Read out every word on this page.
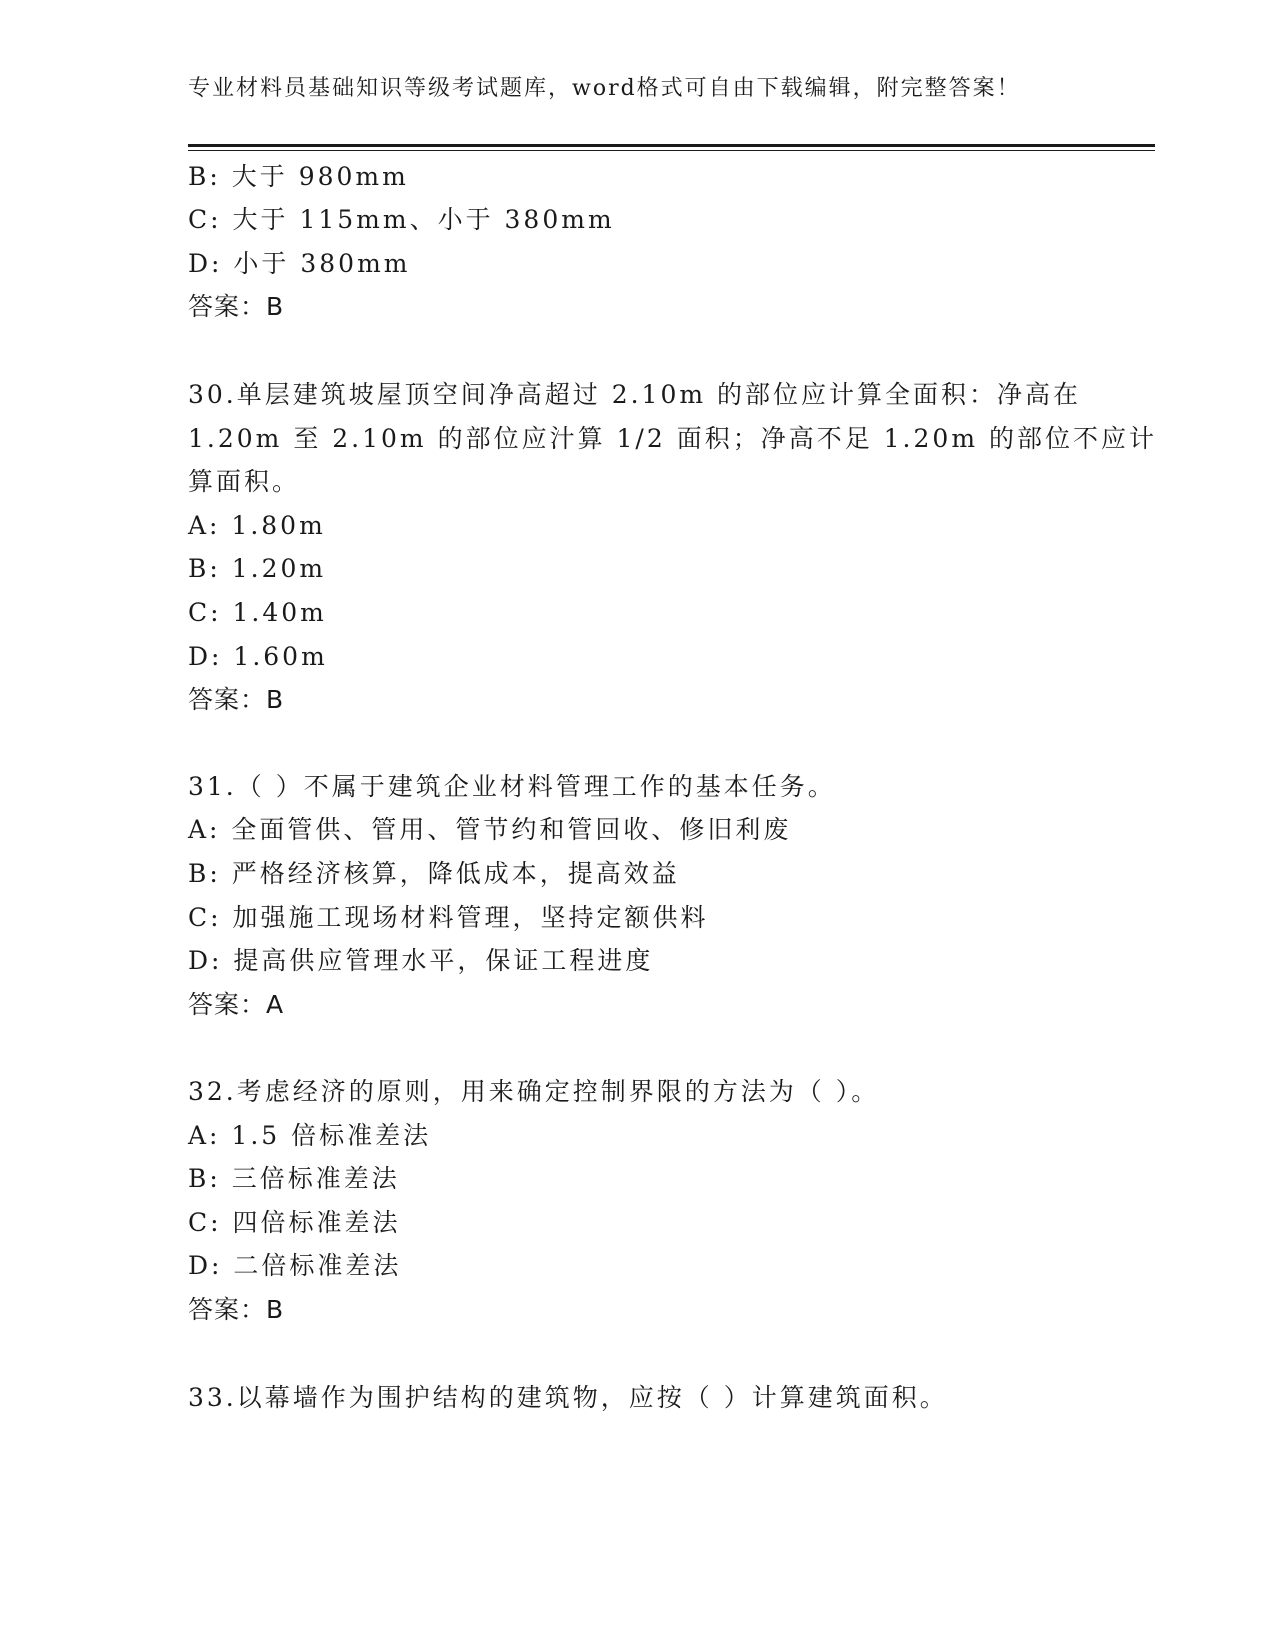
专业材料员基础知识等级考试题库，word格式可自由下载编辑，附完整答案！
B: 大于 980mm
C: 大于 115mm、小于 380mm
D: 小于 380mm
答案：B
30.单层建筑坡屋顶空间净高超过 2.10m 的部位应计算全面积：净高在
1.20m 至 2.10m 的部位应汁算 1/2 面积；净高不足 1.20m 的部位不应计
算面积。
A: 1.80m
B: 1.20m
C: 1.40m
D: 1.60m
答案：B
31.（ ）不属于建筑企业材料管理工作的基本任务。
A: 全面管供、管用、管节约和管回收、修旧利废
B: 严格经济核算，降低成本，提高效益
C: 加强施工现场材料管理，坚持定额供料
D: 提高供应管理水平，保证工程进度
答案：A
32.考虑经济的原则，用来确定控制界限的方法为（ ）。
A: 1.5 倍标准差法
B: 三倍标准差法
C: 四倍标准差法
D: 二倍标准差法
答案：B
33.以幕墙作为围护结构的建筑物，应按（ ）计算建筑面积。
